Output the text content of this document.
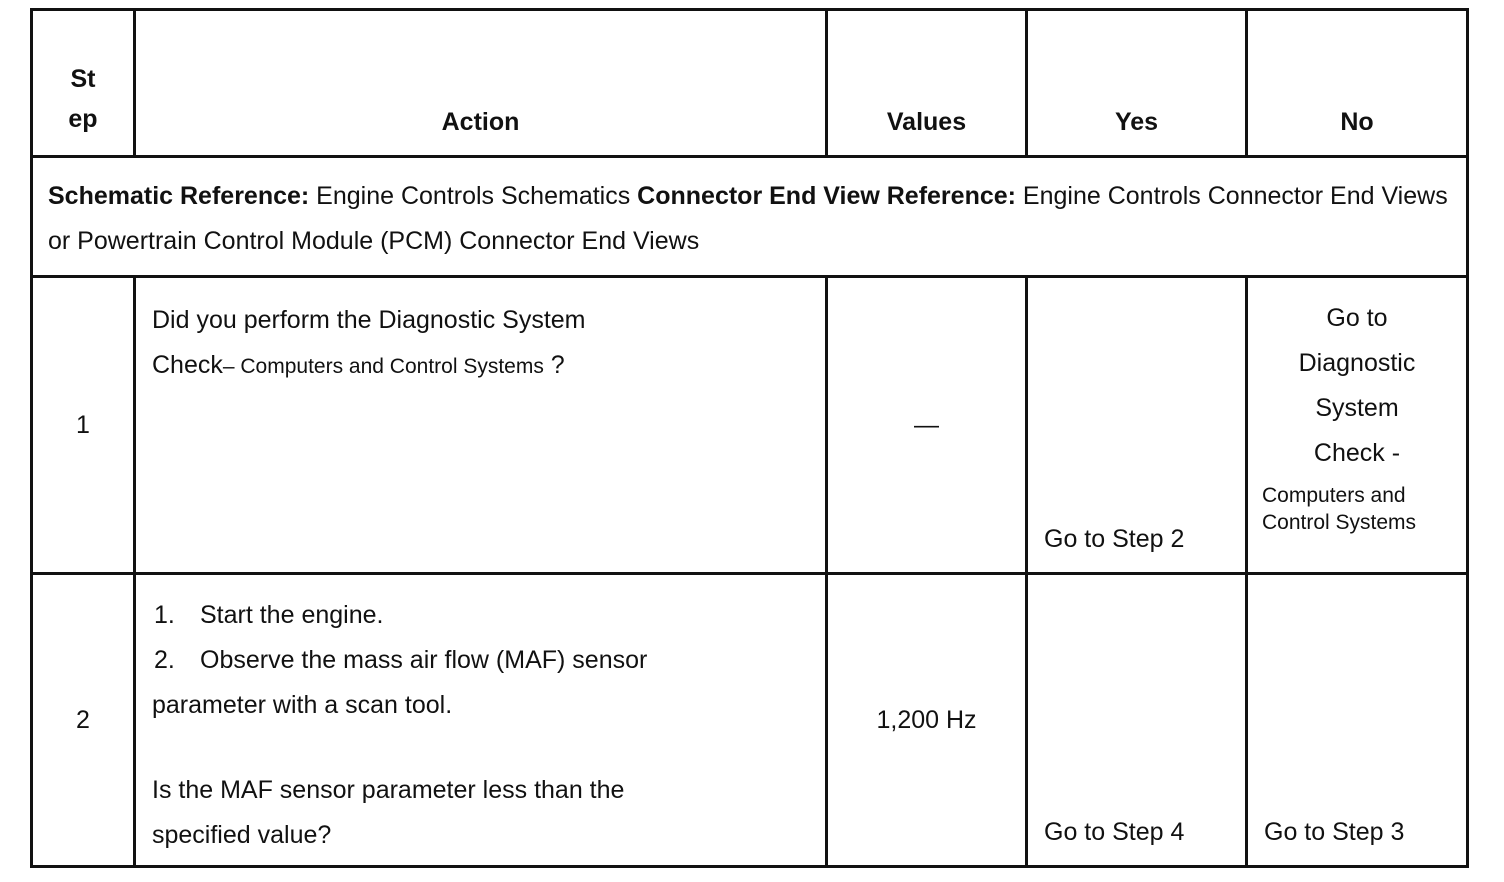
St
ep	Action	Values	Yes	No
Schematic Reference: Engine Controls Schematics Connector End View Reference: Engine Controls Connector End Views or Powertrain Control Module (PCM) Connector End Views				
1	Did you perform the Diagnostic System
Check– Computers and Control Systems ?	—	Go to Step 2	Go to
Diagnostic
System
Check -
Computers and Control Systems

2	1. Start the engine.
2. Observe the mass air flow (MAF) sensor
parameter with a scan tool.
Is the MAF sensor parameter less than the
specified value?	1,200 Hz	Go to Step 4	Go to Step 3
